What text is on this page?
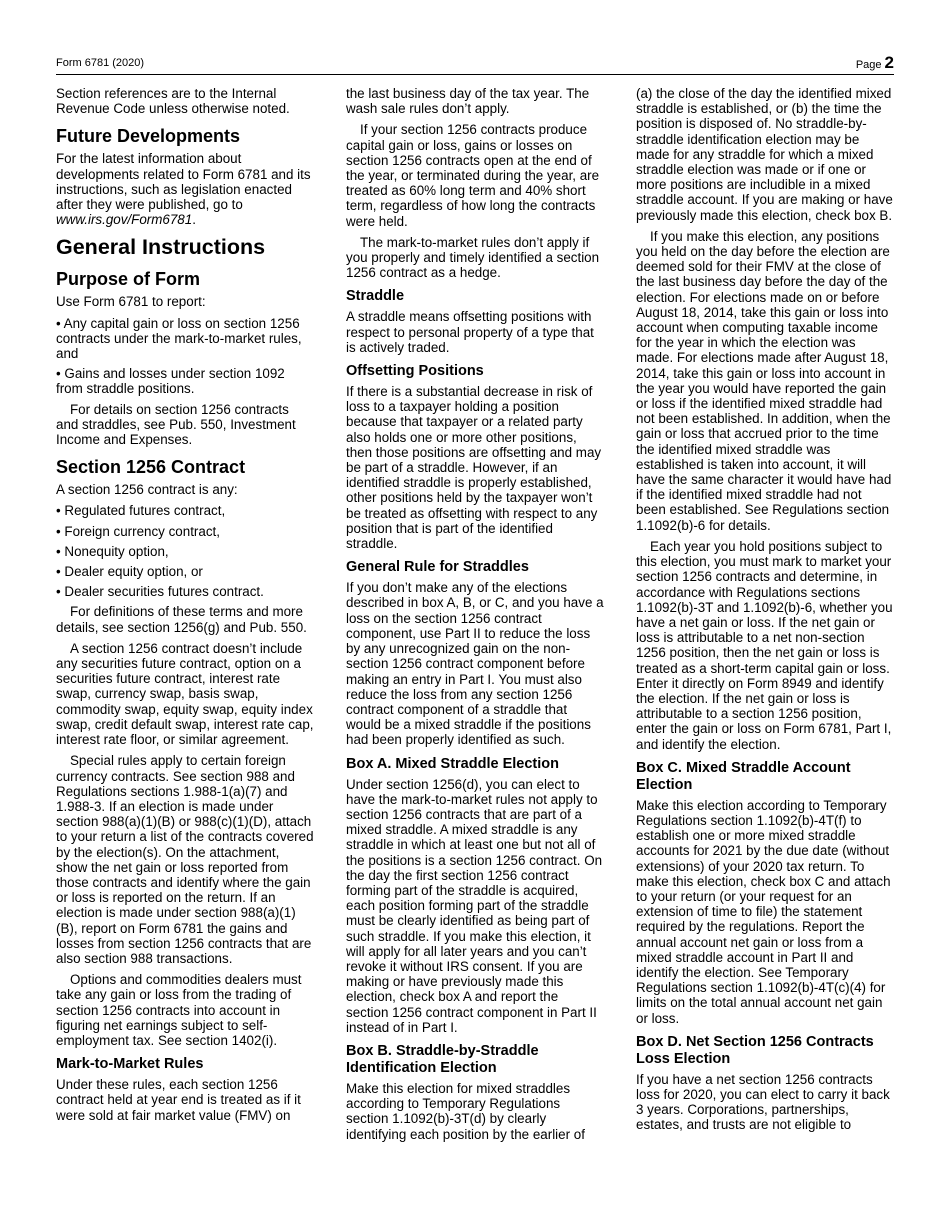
Form 6781 (2020)	Page 2

Section references are to the Internal Revenue Code unless otherwise noted.

Future Developments

For the latest information about developments related to Form 6781 and its instructions, such as legislation enacted after they were published, go to www.irs.gov/Form6781.

General Instructions
Purpose of Form

Use Form 6781 to report:

• Any capital gain or loss on section 1256 contracts under the mark-to-market rules, and
• Gains and losses under section 1092 from straddle positions.

For details on section 1256 contracts and straddles, see Pub. 550, Investment Income and Expenses.

Section 1256 Contract

A section 1256 contract is any:

• Regulated futures contract,
• Foreign currency contract,
• Nonequity option,
• Dealer equity option, or
• Dealer securities futures contract.

For definitions of these terms and more details, see section 1256(g) and Pub. 550.

A section 1256 contract doesn’t include any securities future contract, option on a securities future contract, interest rate swap, currency swap, basis swap, commodity swap, equity swap, equity index swap, credit default swap, interest rate cap, interest rate floor, or similar agreement.

Special rules apply to certain foreign currency contracts. See section 988 and Regulations sections 1.988-1(a)(7) and 1.988-3. If an election is made under section 988(a)(1)(B) or 988(c)(1)(D), attach to your return a list of the contracts covered by the election(s). On the attachment, show the net gain or loss reported from those contracts and identify where the gain or loss is reported on the return. If an election is made under section 988(a)(1)(B), report on Form 6781 the gains and losses from section 1256 contracts that are also section 988 transactions.

Options and commodities dealers must take any gain or loss from the trading of section 1256 contracts into account in figuring net earnings subject to self-employment tax. See section 1402(i).

Mark-to-Market Rules

Under these rules, each section 1256 contract held at year end is treated as if it were sold at fair market value (FMV) on

the last business day of the tax year. The wash sale rules don’t apply.

If your section 1256 contracts produce capital gain or loss, gains or losses on section 1256 contracts open at the end of the year, or terminated during the year, are treated as 60% long term and 40% short term, regardless of how long the contracts were held.

The mark-to-market rules don’t apply if you properly and timely identified a section 1256 contract as a hedge.

Straddle

A straddle means offsetting positions with respect to personal property of a type that is actively traded.

Offsetting Positions

If there is a substantial decrease in risk of loss to a taxpayer holding a position because that taxpayer or a related party also holds one or more other positions, then those positions are offsetting and may be part of a straddle. However, if an identified straddle is properly established, other positions held by the taxpayer won’t be treated as offsetting with respect to any position that is part of the identified straddle.

General Rule for Straddles

If you don’t make any of the elections described in box A, B, or C, and you have a loss on the section 1256 contract component, use Part II to reduce the loss by any unrecognized gain on the non-section 1256 contract component before making an entry in Part I. You must also reduce the loss from any section 1256 contract component of a straddle that would be a mixed straddle if the positions had been properly identified as such.

Box A. Mixed Straddle Election

Under section 1256(d), you can elect to have the mark-to-market rules not apply to section 1256 contracts that are part of a mixed straddle. A mixed straddle is any straddle in which at least one but not all of the positions is a section 1256 contract. On the day the first section 1256 contract forming part of the straddle is acquired, each position forming part of the straddle must be clearly identified as being part of such straddle. If you make this election, it will apply for all later years and you can’t revoke it without IRS consent. If you are making or have previously made this election, check box A and report the section 1256 contract component in Part II instead of in Part I.

Box B. Straddle-by-Straddle Identification Election

Make this election for mixed straddles according to Temporary Regulations section 1.1092(b)-3T(d) by clearly identifying each position by the earlier of

(a) the close of the day the identified mixed straddle is established, or (b) the time the position is disposed of. No straddle-by-straddle identification election may be made for any straddle for which a mixed straddle election was made or if one or more positions are includible in a mixed straddle account. If you are making or have previously made this election, check box B.

If you make this election, any positions you held on the day before the election are deemed sold for their FMV at the close of the last business day before the day of the election. For elections made on or before August 18, 2014, take this gain or loss into account when computing taxable income for the year in which the election was made. For elections made after August 18, 2014, take this gain or loss into account in the year you would have reported the gain or loss if the identified mixed straddle had not been established. In addition, when the gain or loss that accrued prior to the time the identified mixed straddle was established is taken into account, it will have the same character it would have had if the identified mixed straddle had not been established. See Regulations section 1.1092(b)-6 for details.

Each year you hold positions subject to this election, you must mark to market your section 1256 contracts and determine, in accordance with Regulations sections 1.1092(b)-3T and 1.1092(b)-6, whether you have a net gain or loss. If the net gain or loss is attributable to a net non-section 1256 position, then the net gain or loss is treated as a short-term capital gain or loss. Enter it directly on Form 8949 and identify the election. If the net gain or loss is attributable to a section 1256 position, enter the gain or loss on Form 6781, Part I, and identify the election.

Box C. Mixed Straddle Account Election

Make this election according to Temporary Regulations section 1.1092(b)-4T(f) to establish one or more mixed straddle accounts for 2021 by the due date (without extensions) of your 2020 tax return. To make this election, check box C and attach to your return (or your request for an extension of time to file) the statement required by the regulations. Report the annual account net gain or loss from a mixed straddle account in Part II and identify the election. See Temporary Regulations section 1.1092(b)-4T(c)(4) for limits on the total annual account net gain or loss.

Box D. Net Section 1256 Contracts Loss Election

If you have a net section 1256 contracts loss for 2020, you can elect to carry it back 3 years. Corporations, partnerships, estates, and trusts are not eligible to
